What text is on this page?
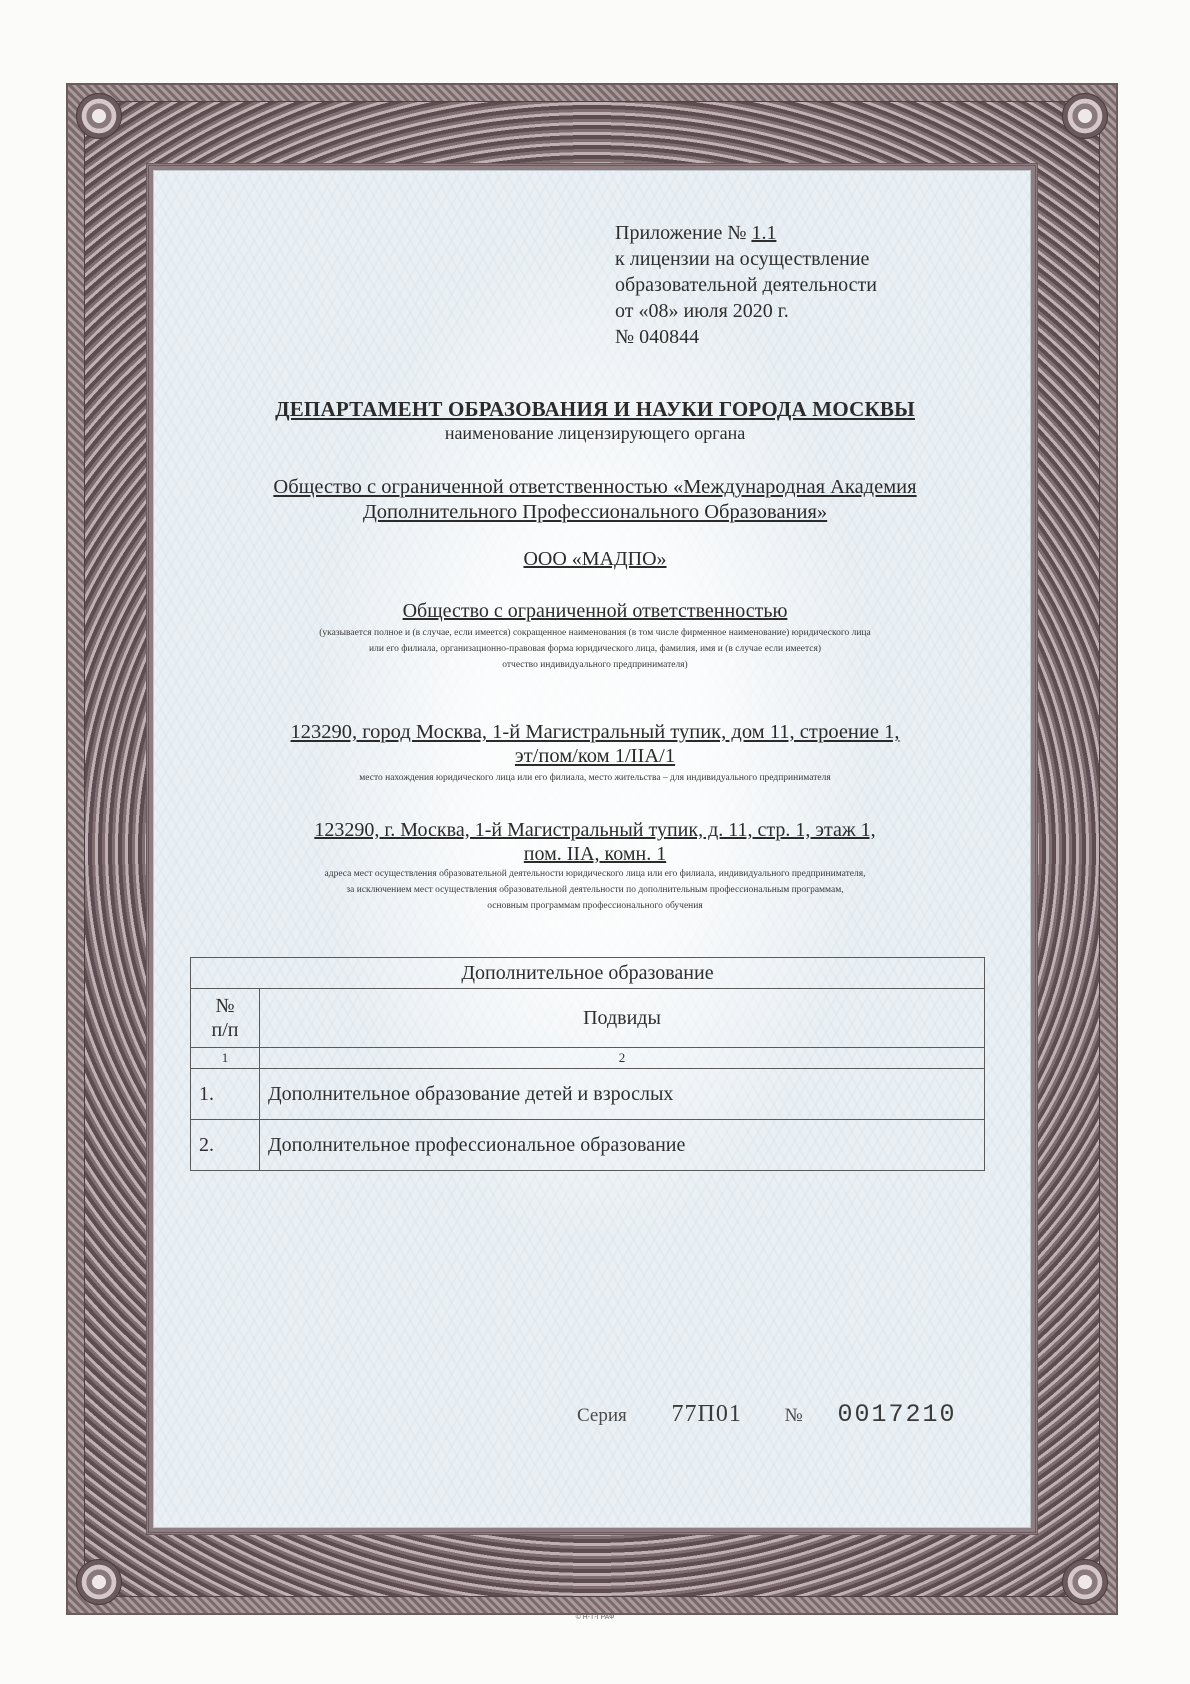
Приложение № 1.1
к лицензии на осуществление
образовательной деятельности
от «08» июля 2020 г.
№ 040844
ДЕПАРТАМЕНТ ОБРАЗОВАНИЯ И НАУКИ ГОРОДА МОСКВЫ
наименование лицензирующего органа
Общество с ограниченной ответственностью «Международная Академия
Дополнительного Профессионального Образования»
ООО «МАДПО»
Общество с ограниченной ответственностью
(указывается полное и (в случае, если имеется) сокращенное наименования (в том числе фирменное наименование) юридического лица
или его филиала, организационно-правовая форма юридического лица, фамилия, имя и (в случае если имеется)
отчество индивидуального предпринимателя)
123290, город Москва, 1-й Магистральный тупик, дом 11, строение 1,
эт/пом/ком 1/IIА/1
место нахождения юридического лица или его филиала, место жительства – для индивидуального предпринимателя
123290, г. Москва, 1-й Магистральный тупик, д. 11, стр. 1, этаж 1,
пом. IIА, комн. 1
адреса мест осуществления образовательной деятельности юридического лица или его филиала, индивидуального предпринимателя,
за исключением мест осуществления образовательной деятельности по дополнительным профессиональным программам,
основным программам профессионального обучения
Дополнительное образование	
№
п/п	Подвиды
1	2
1.	Дополнительное образование детей и взрослых
2.	Дополнительное профессиональное образование
Серия 77П01 № 0017210
© Н-Т-ГРАФ
